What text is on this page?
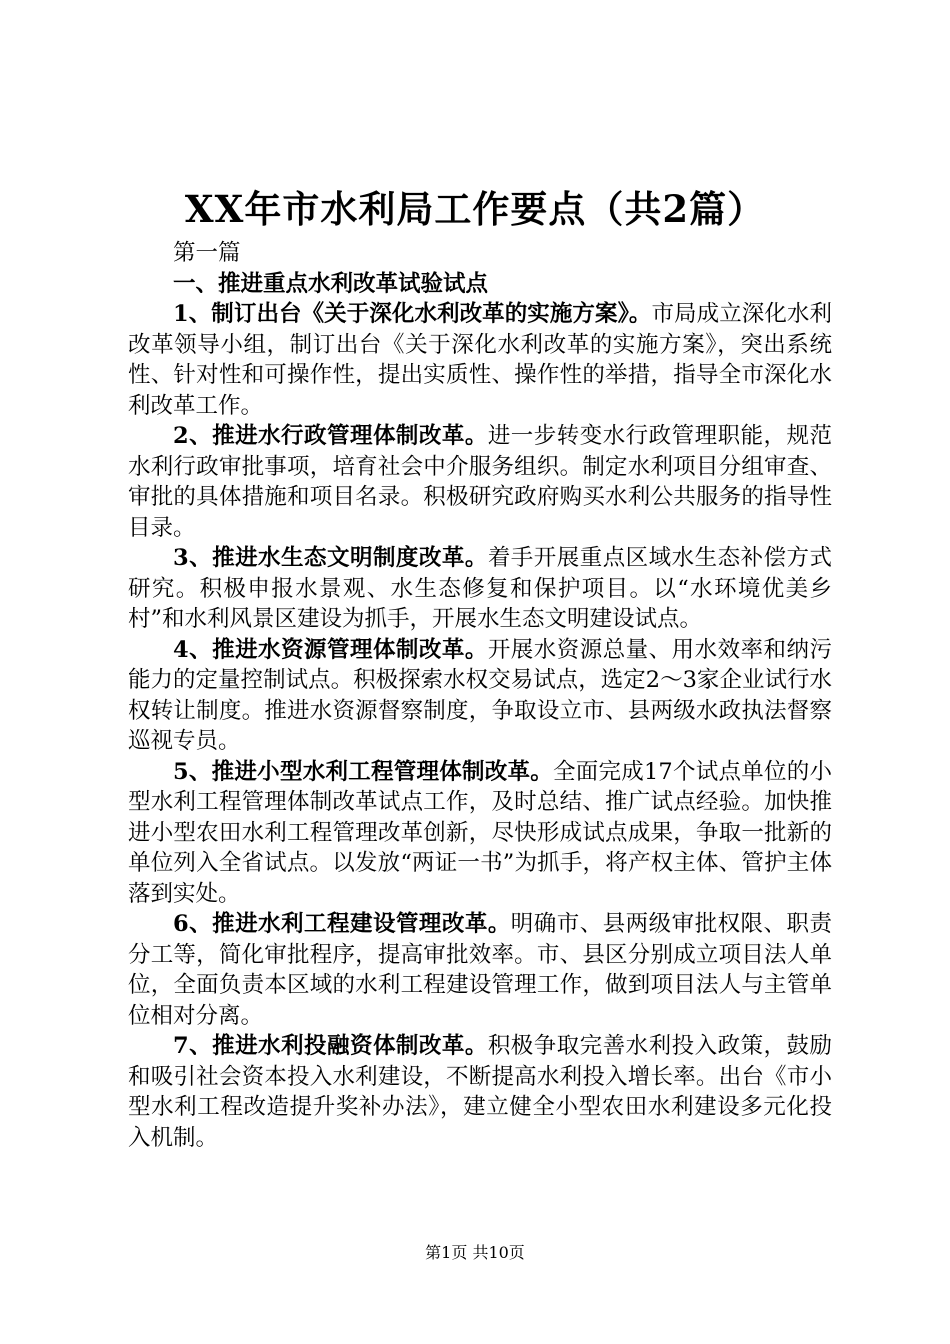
XX年市水利局工作要点（共2篇）

第一篇

一、推进重点水利改革试验试点

1、制订出台《关于深化水利改革的实施方案》。市局成立深化水利改革领导小组，制订出台《关于深化水利改革的实施方案》，突出系统性、针对性和可操作性，提出实质性、操作性的举措，指导全市深化水利改革工作。

2、推进水行政管理体制改革。进一步转变水行政管理职能，规范水利行政审批事项，培育社会中介服务组织。制定水利项目分组审查、审批的具体措施和项目名录。积极研究政府购买水利公共服务的指导性目录。

3、推进水生态文明制度改革。着手开展重点区域水生态补偿方式研究。积极申报水景观、水生态修复和保护项目。以“水环境优美乡村”和水利风景区建设为抓手，开展水生态文明建设试点。

4、推进水资源管理体制改革。开展水资源总量、用水效率和纳污能力的定量控制试点。积极探索水权交易试点，选定2～3家企业试行水权转让制度。推进水资源督察制度，争取设立市、县两级水政执法督察巡视专员。

5、推进小型水利工程管理体制改革。全面完成17个试点单位的小型水利工程管理体制改革试点工作，及时总结、推广试点经验。加快推进小型农田水利工程管理改革创新，尽快形成试点成果，争取一批新的单位列入全省试点。以发放“两证一书”为抓手，将产权主体、管护主体落到实处。

6、推进水利工程建设管理改革。明确市、县两级审批权限、职责分工等，简化审批程序，提高审批效率。市、县区分别成立项目法人单位，全面负责本区域的水利工程建设管理工作，做到项目法人与主管单位相对分离。

7、推进水利投融资体制改革。积极争取完善水利投入政策，鼓励和吸引社会资本投入水利建设，不断提高水利投入增长率。出台《市小型水利工程改造提升奖补办法》，建立健全小型农田水利建设多元化投入机制。

第1页 共10页
